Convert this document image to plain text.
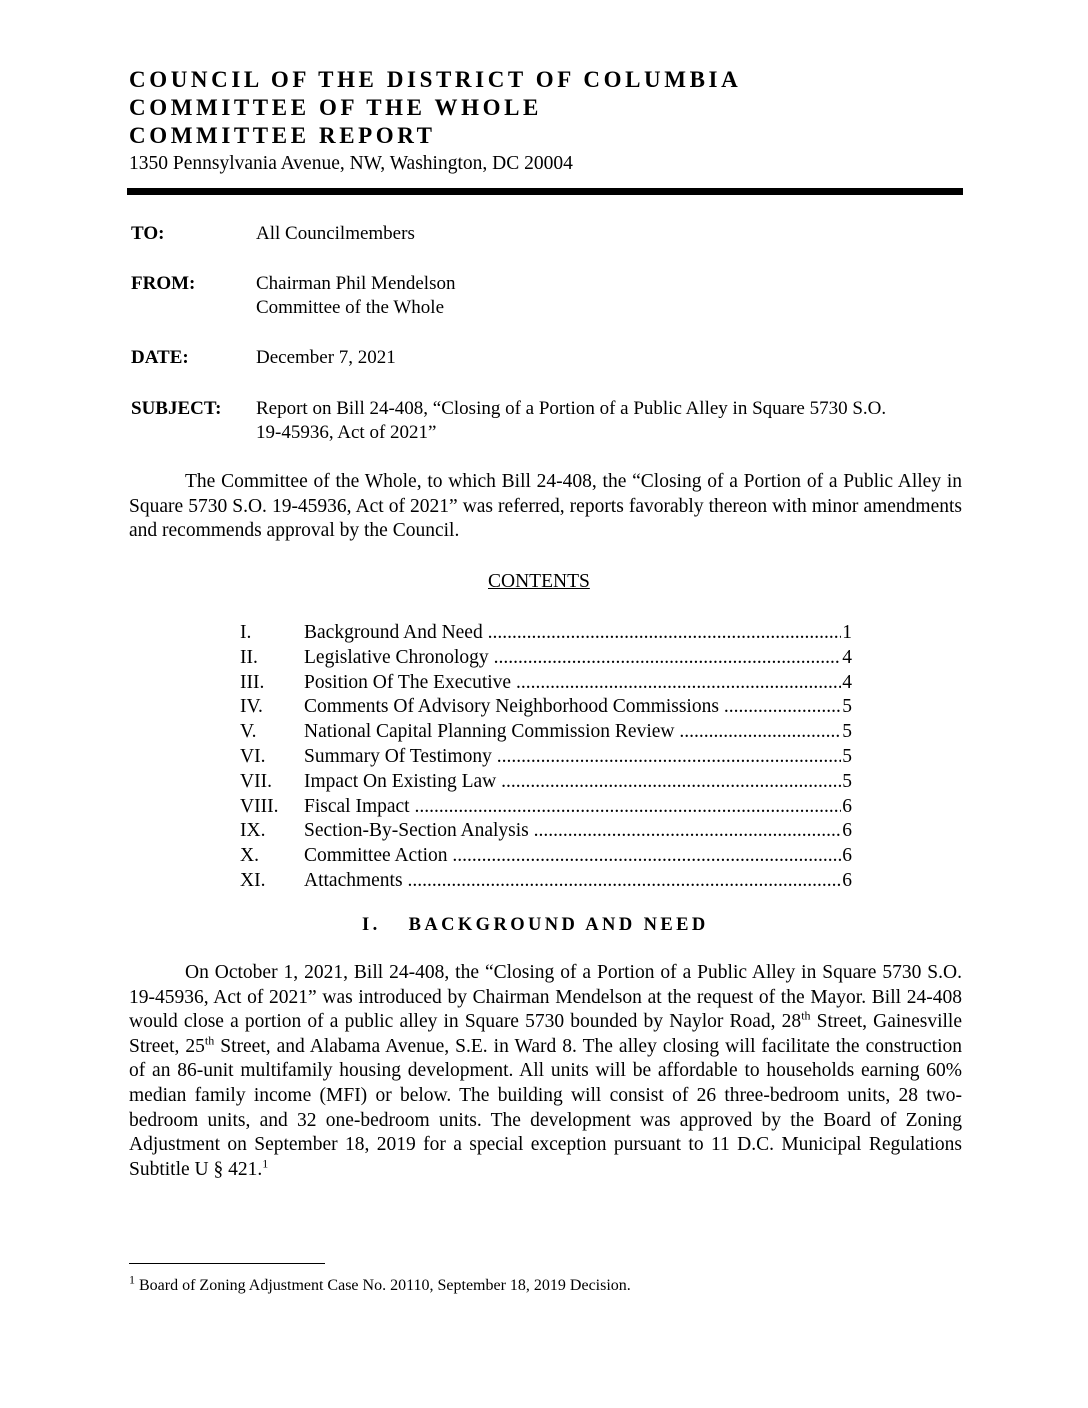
COUNCIL OF THE DISTRICT OF COLUMBIA
COMMITTEE OF THE WHOLE
COMMITTEE REPORT
1350 Pennsylvania Avenue, NW, Washington, DC 20004
TO:	All Councilmembers
FROM:	Chairman Phil Mendelson
Committee of the Whole
DATE:	December 7, 2021
SUBJECT: Report on Bill 24-408, “Closing of a Portion of a Public Alley in Square 5730 S.O.
19-45936, Act of 2021”
The Committee of the Whole, to which Bill 24-408, the “Closing of a Portion of a Public Alley in Square 5730 S.O. 19-45936, Act of 2021” was referred, reports favorably thereon with minor amendments and recommends approval by the Council.
CONTENTS
I.	Background And Need .....	1
II. Legislative Chronology .....	4
III. Position Of The Executive .....	4
IV. Comments Of Advisory Neighborhood Commissions .....	5
V. National Capital Planning Commission Review .....	5
VI. Summary Of Testimony .....	5
VII. Impact On Existing Law .....	5
VIII. Fiscal Impact .....	6
IX. Section-By-Section Analysis .....	6
X. Committee Action .....	6
XI. Attachments .....	6
I. BACKGROUND AND NEED
On October 1, 2021, Bill 24-408, the “Closing of a Portion of a Public Alley in Square 5730 S.O. 19-45936, Act of 2021” was introduced by Chairman Mendelson at the request of the Mayor. Bill 24-408 would close a portion of a public alley in Square 5730 bounded by Naylor Road, 28th Street, Gainesville Street, 25th Street, and Alabama Avenue, S.E. in Ward 8. The alley closing will facilitate the construction of an 86-unit multifamily housing development. All units will be affordable to households earning 60% median family income (MFI) or below. The building will consist of 26 three-bedroom units, 28 two-bedroom units, and 32 one-bedroom units. The development was approved by the Board of Zoning Adjustment on September 18, 2019 for a special exception pursuant to 11 D.C. Municipal Regulations Subtitle U § 421.$^1$
$^1$ Board of Zoning Adjustment Case No. 20110, September 18, 2019 Decision.
